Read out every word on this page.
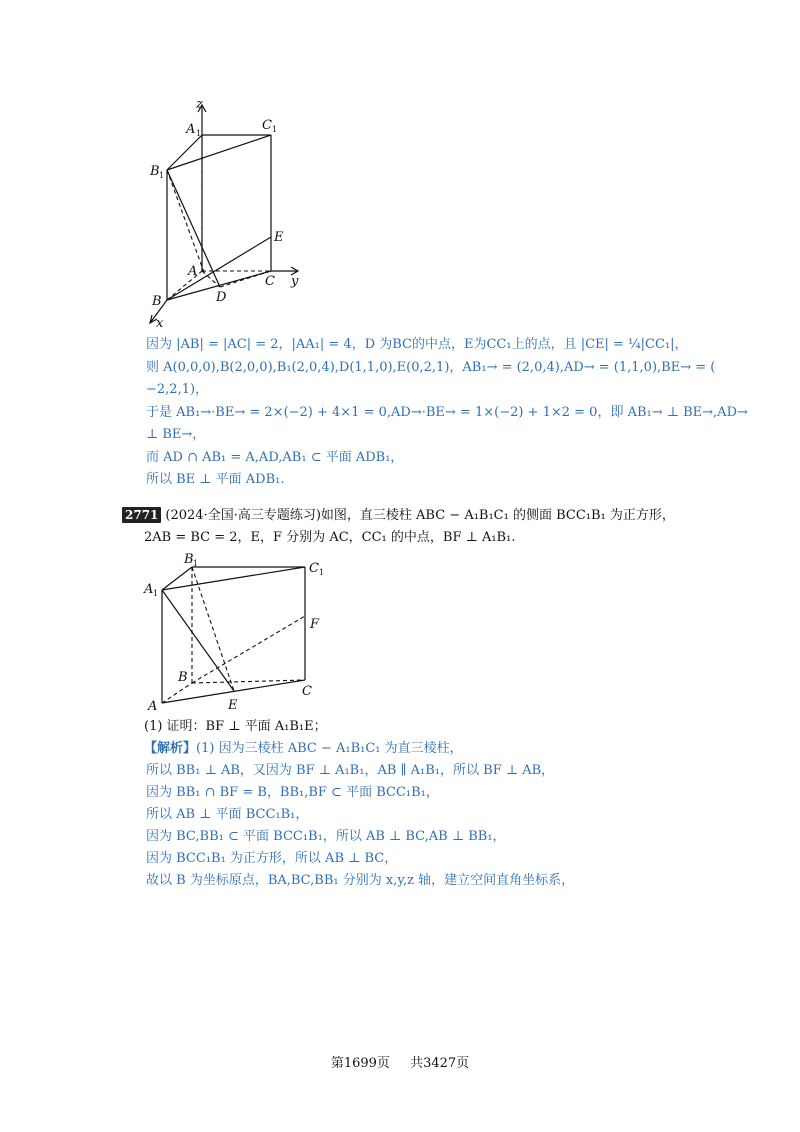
z
A 1
C 1
B 1
E
A
y
C
B	D
x
因为 |AB| = |AC| = 2，|AA₁| = 4，D 为BC的中点，E为CC₁上的点，且 |CE| = ¼|CC₁|，
则 A(0,0,0),B(2,0,0),B₁(2,0,4),D(1,1,0),E(0,2,1)，AB₁→ = (2,0,4),AD→ = (1,1,0),BE→ = (
−2,2,1)，
于是 AB₁→·BE→ = 2×(−2) + 4×1 = 0,AD→·BE→ = 1×(−2) + 1×2 = 0，即 AB₁→ ⊥ BE→,AD→
⊥ BE→，
而 AD ∩ AB₁ = A,AD,AB₁ ⊂ 平面 ADB₁，
所以 BE ⊥ 平面 ADB₁.
2771 (2024·全国·高三专题练习)如图，直三棱柱 ABC − A₁B₁C₁ 的侧面 BCC₁B₁ 为正方形，
2AB = BC = 2，E，F 分别为 AC，CC₁ 的中点，BF ⊥ A₁B₁.
B 1	C 1
A 1
F
B
C
A	E
(1) 证明：BF ⊥ 平面 A₁B₁E；
【解析】(1) 因为三棱柱 ABC − A₁B₁C₁ 为直三棱柱，
所以 BB₁ ⊥ AB，又因为 BF ⊥ A₁B₁，AB ∥ A₁B₁，所以 BF ⊥ AB，
因为 BB₁ ∩ BF = B，BB₁,BF ⊂ 平面 BCC₁B₁，
所以 AB ⊥ 平面 BCC₁B₁，
因为 BC,BB₁ ⊂ 平面 BCC₁B₁，所以 AB ⊥ BC,AB ⊥ BB₁，
因为 BCC₁B₁ 为正方形，所以 AB ⊥ BC，
故以 B 为坐标原点，BA,BC,BB₁ 分别为 x,y,z 轴，建立空间直角坐标系，
第1699页 共3427页
